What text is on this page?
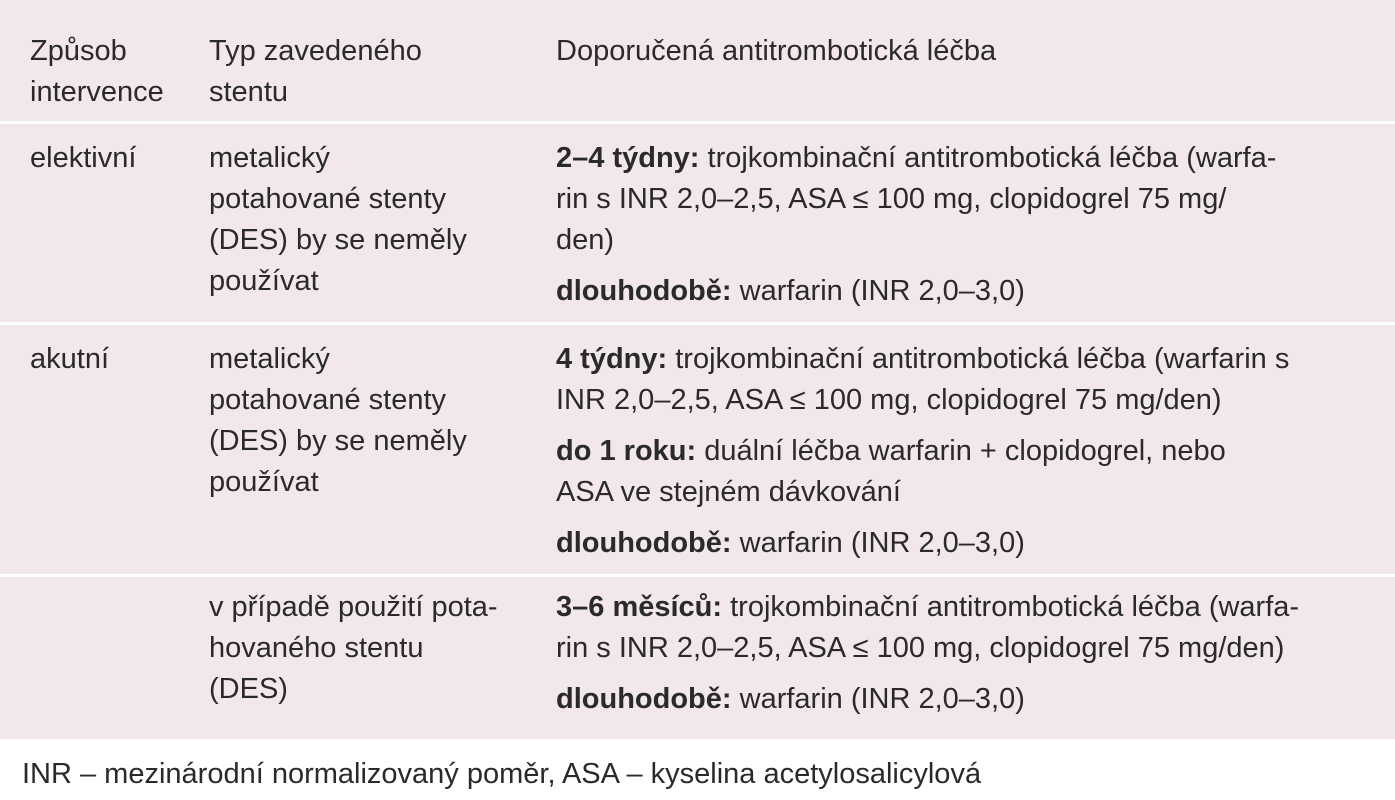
Způsob
intervence
Typ zavedeného
stentu
Doporučená antitrombotická léčba
elektivní	metalický
potahované stenty
(DES) by se neměly
používat
2–4 týdny: trojkombinační antitrombotická léčba (warfa-
rin s INR 2,0–2,5, ASA ≤ 100 mg, clopidogrel 75 mg/
den)
dlouhodobě: warfarin (INR 2,0–3,0)
akutní	metalický
potahované stenty
(DES) by se neměly
používat
4 týdny: trojkombinační antitrombotická léčba (warfarin s
INR 2,0–2,5, ASA ≤ 100 mg, clopidogrel 75 mg/den)
do 1 roku: duální léčba warfarin + clopidogrel, nebo
ASA ve stejném dávkování
dlouhodobě: warfarin (INR 2,0–3,0)
v případě použití pota-
hovaného stentu
(DES)
3–6 měsíců: trojkombinační antitrombotická léčba (warfa-
rin s INR 2,0–2,5, ASA ≤ 100 mg, clopidogrel 75 mg/den)
dlouhodobě: warfarin (INR 2,0–3,0)
INR – mezinárodní normalizovaný poměr, ASA – kyselina acetylosalicylová
